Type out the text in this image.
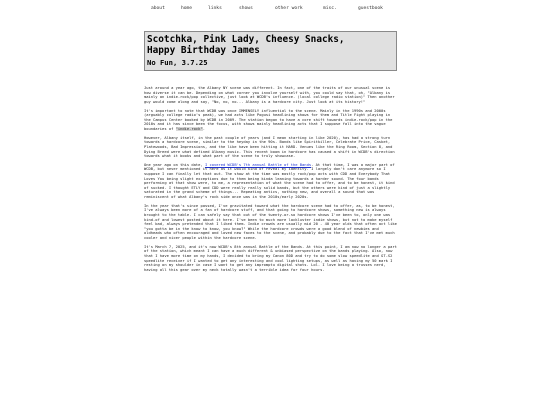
about	home	links	shows	other work	misc.	guestbook
Scotchka, Pink Lady, Cheesy Snacks,
Happy Birthday James
No Fun, 3.7.25

Just around a year ago, the Albany NY scene was different. In fact, one of the traits of our unusual scene is how diverse it can be. Depending on what corner you involve yourself with, you could say that, oh, "Albany is mainly an indie-rock/pop collective, just look at WCDB's influence. (local college radio station)" Then another guy would come along and say, "No, no, no... Albany is a hardcore city. Just look at its history!"

It's important to note that WCDB was once IMMENSELY influential to the scene. Mainly in the 1990s and 2000s (arguably college radio's peak), we had acts like Pogusi headlining shows for them and Title Fight playing in the Campus Center booked by WCDB in 2009. The station began to have a core shift towards indie-rock/pop in the 2010s and it has since been the focus, with shows mainly headlining acts that I suppose fall into the vague boundaries of "indie-rock".

However, Albany itself, in the past couple of years (and I mean starting in like 2020), has had a strong turn towards a hardcore scene, similar to the heyday in the 90s. Bands like Spiritkiller, Celebrate Price, Casket, Platewoods, Bad Impressions, and the like have been hitting it HARD. Venues like the Ring Room, Section 8, and Dying Breed were what defined Albany music. This recent boom in hardcore has caused a shift in WCDB's direction towards what it books and what part of the scene to truly showcase.

One year ago on this date, I covered WCDB's 7th annual Battle of the Bands. At that time, I was a major part of WCDB, but never mentioned it here as it would kind of reveal my identity. I largely don't care anymore so I suppose I can finally let that out. The show at the time was mostly rock/pop acts with CDD and Everybody That Loves You being slight exceptions due to them being kinda leaning towards a harder sound. The four bands performing at that show were, to me, a representation of what the scene had to offer, and to be honest, it kind of sucked. I thought ETLY and CDD were really really solid bands, but the others were kind of just a slightly saturated in the grand scheme of things... Repeating antics, nothing new, and overall a sound that was reminiscent of what Albany's rock side once was in the 2010s/early 2020s.

In the year that's since passed, I've gravitated toward what the hardcore scene had to offer, as, to be honest, I've always been more of a fan of hardcore stuff, and that going to hardcore shows, something new is always brought to the table. I can safely say that out of the twenty-or-so hardcore shows I've been to, only one was kind-of and lowest posted about it here. I've been to much more lackluster indie shows, but not to make myself feel bad, always pretended that I liked them. Indie crowds are usually mid 20 - 40 year olds that often act like "you gotta be in the know to know, you know?" While the hardcore crowds were a good blend of newbies and oldheads who often encouraged and loved new faces to the scene, and probably due to the fact that I've met much cooler and nicer people within the hardcore scene.

It's March 7, 2025, and it's now WCDB's 8th annual Battle of the Bands. At this point, I am now no longer a part of the station, which meant I can have a much different & unbiased perspective on the bands playing. Also, now that I have more time on my hands, I decided to bring my Canon 80D and try to do some slow speedlite and GT-S2 speedlite receiver if I wanted to get any interesting and cool lighting setups, as well as having my 50 mark I resting on my shoulder in case I want to get any impromptu digital shots. Lol. I love being a trusses nerd, having all this gear over my neck totally wasn't a terrible idea for four hours.
